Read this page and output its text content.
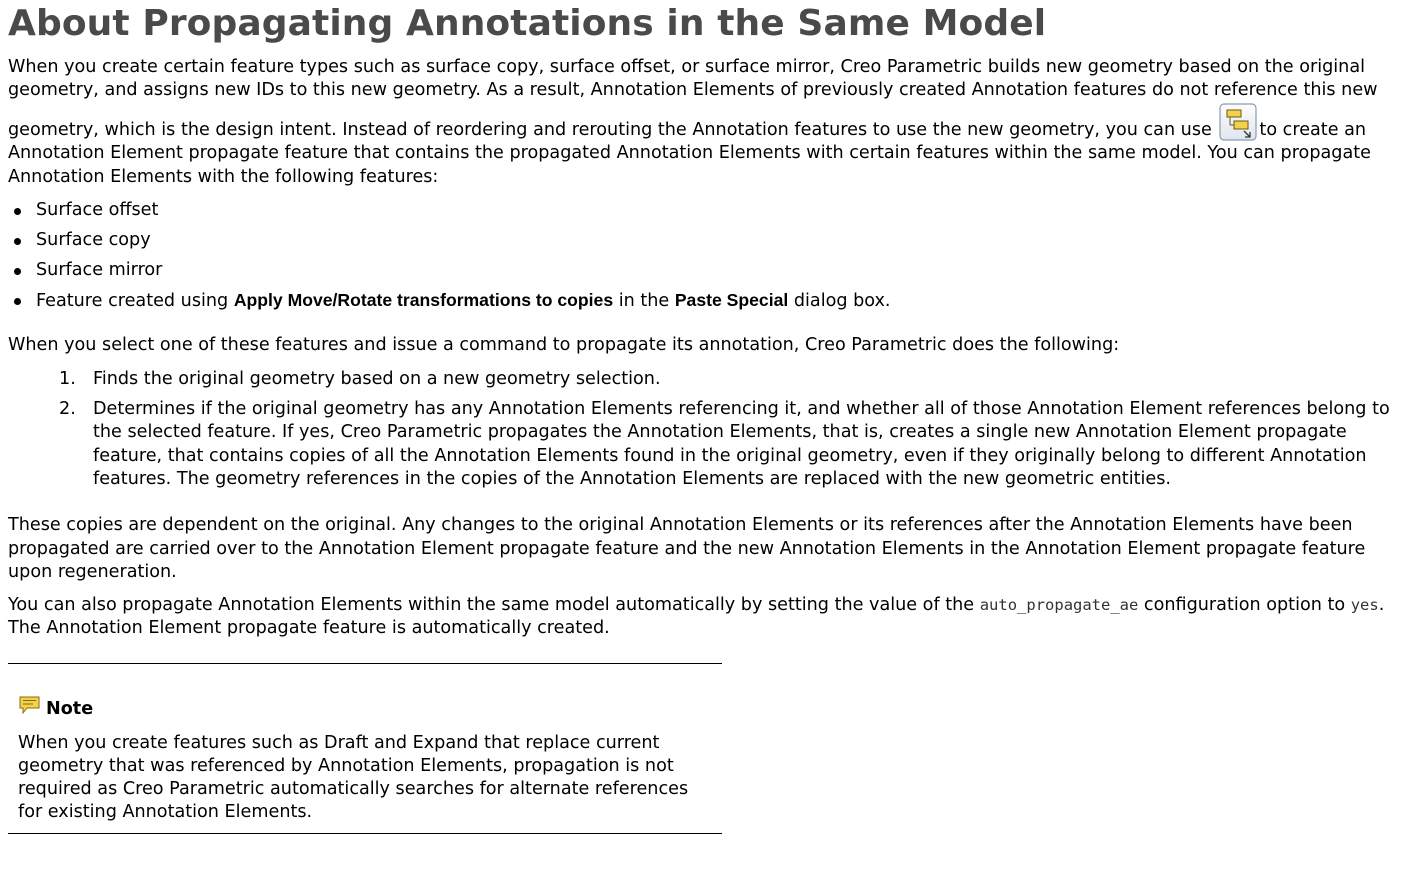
About Propagating Annotations in the Same Model

When you create certain feature types such as surface copy, surface offset, or surface mirror, Creo Parametric builds new geometry based on the original geometry, and assigns new IDs to this new geometry. As a result, Annotation Elements of previously created Annotation features do not reference this new geometry, which is the design intent. Instead of reordering and rerouting the Annotation features to use the new geometry, you can use	to create an Annotation Element propagate feature that contains the propagated Annotation Elements with certain features within the same model. You can propagate Annotation Elements with the following features:

Surface offset
Surface copy
Surface mirror
Feature created using Apply Move/Rotate transformations to copies in the Paste Special dialog box.

When you select one of these features and issue a command to propagate its annotation, Creo Parametric does the following:

1. Finds the original geometry based on a new geometry selection.
2. Determines if the original geometry has any Annotation Elements referencing it, and whether all of those Annotation Element references belong to the selected feature. If yes, Creo Parametric propagates the Annotation Elements, that is, creates a single new Annotation Element propagate feature, that contains copies of all the Annotation Elements found in the original geometry, even if they originally belong to different Annotation features. The geometry references in the copies of the Annotation Elements are replaced with the new geometric entities.

These copies are dependent on the original. Any changes to the original Annotation Elements or its references after the Annotation Elements have been propagated are carried over to the Annotation Element propagate feature and the new Annotation Elements in the Annotation Element propagate feature upon regeneration.

You can also propagate Annotation Elements within the same model automatically by setting the value of the auto_propagate_ae configuration option to yes. The Annotation Element propagate feature is automatically created.

Note
When you create features such as Draft and Expand that replace current geometry that was referenced by Annotation Elements, propagation is not required as Creo Parametric automatically searches for alternate references for existing Annotation Elements.
